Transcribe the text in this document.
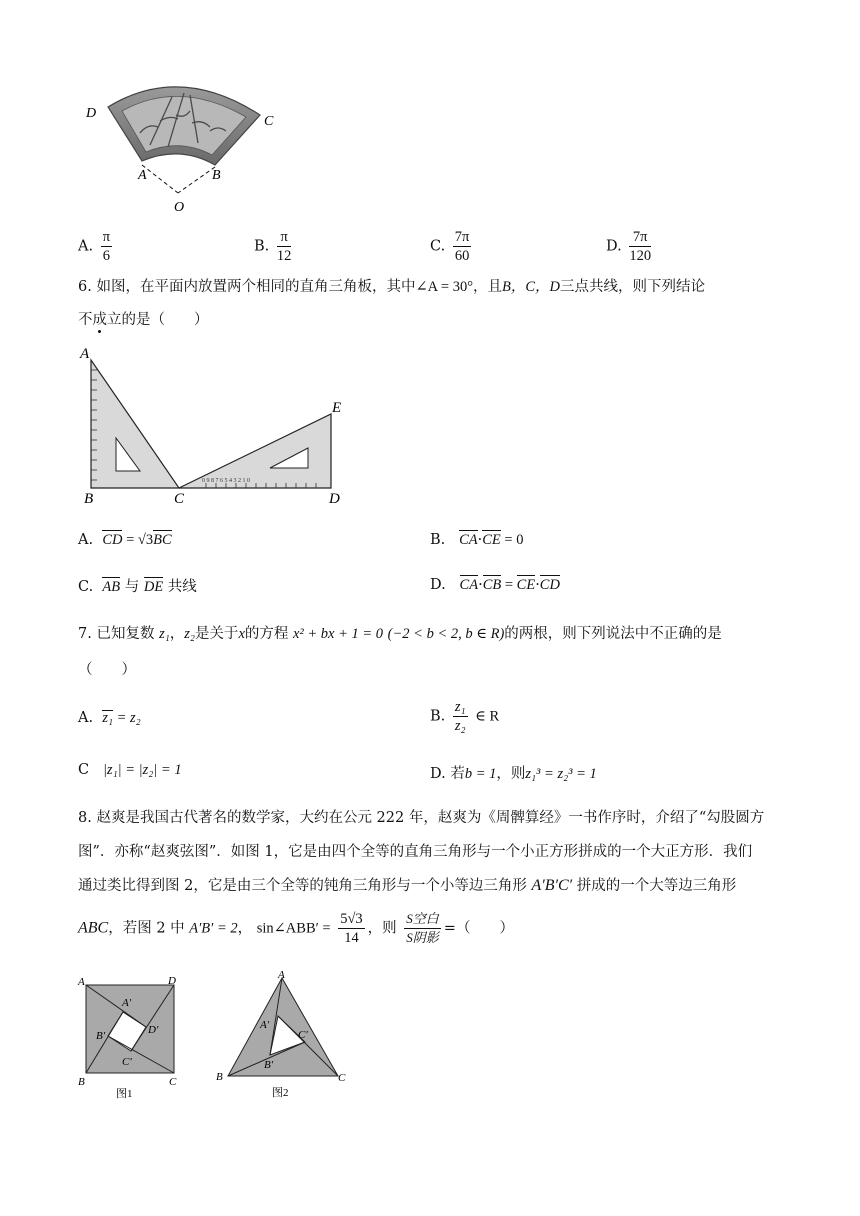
D
C
A	B
O
A. $\frac{\pi}{6}$	B. $\frac{\pi}{12}$	C. $\frac{7\pi}{60}$	D. $\frac{7\pi}{120}$
6. 如图，在平面内放置两个相同的直角三角板，其中∠A = 30°，且B，C，D三点共线，则下列结论
不成立的是（　　）
0 9 8 7 6 5 4 3 2 1 0
A
B	C	D
E
A. CD = √3BC	B. CA·CE = 0
C. AB 与 DE 共线	D. CA·CB = CE·CD
7. 已知复数 z₁，z₂是关于x的方程 x² + bx + 1 = 0 (−2 < b < 2, b ∈ R)的两根，则下列说法中不正确的是
（　　）
A. z₁ = z₂	B. $\frac{\text{z₁}}{\text{z₂}}$ ∈ R
C |z₁| = |z₂| = 1	D. 若b = 1，则z₁³ = z₂³ = 1
8. 赵爽是我国古代著名的数学家，大约在公元 222 年，赵爽为《周髀算经》一书作序时，介绍了“勾股圆方
图”．亦称“赵爽弦图”．如图 1，它是由四个全等的直角三角形与一个小正方形拼成的一个大正方形．我们
通过类比得到图 2，它是由三个全等的钝角三角形与一个小等边三角形 A′B′C′ 拼成的一个大等边三角形
ABC，若图 2 中 A′B′ = 2， sin∠ABB′ = $\frac{5√3}{14}$ ，则 $\frac{\text{S空白}}{\text{S阴影}}$ =（　　）
A	D
B	C
A′
D′
B′
C′
图1
A
B	C
A′
B′
C′
图2
